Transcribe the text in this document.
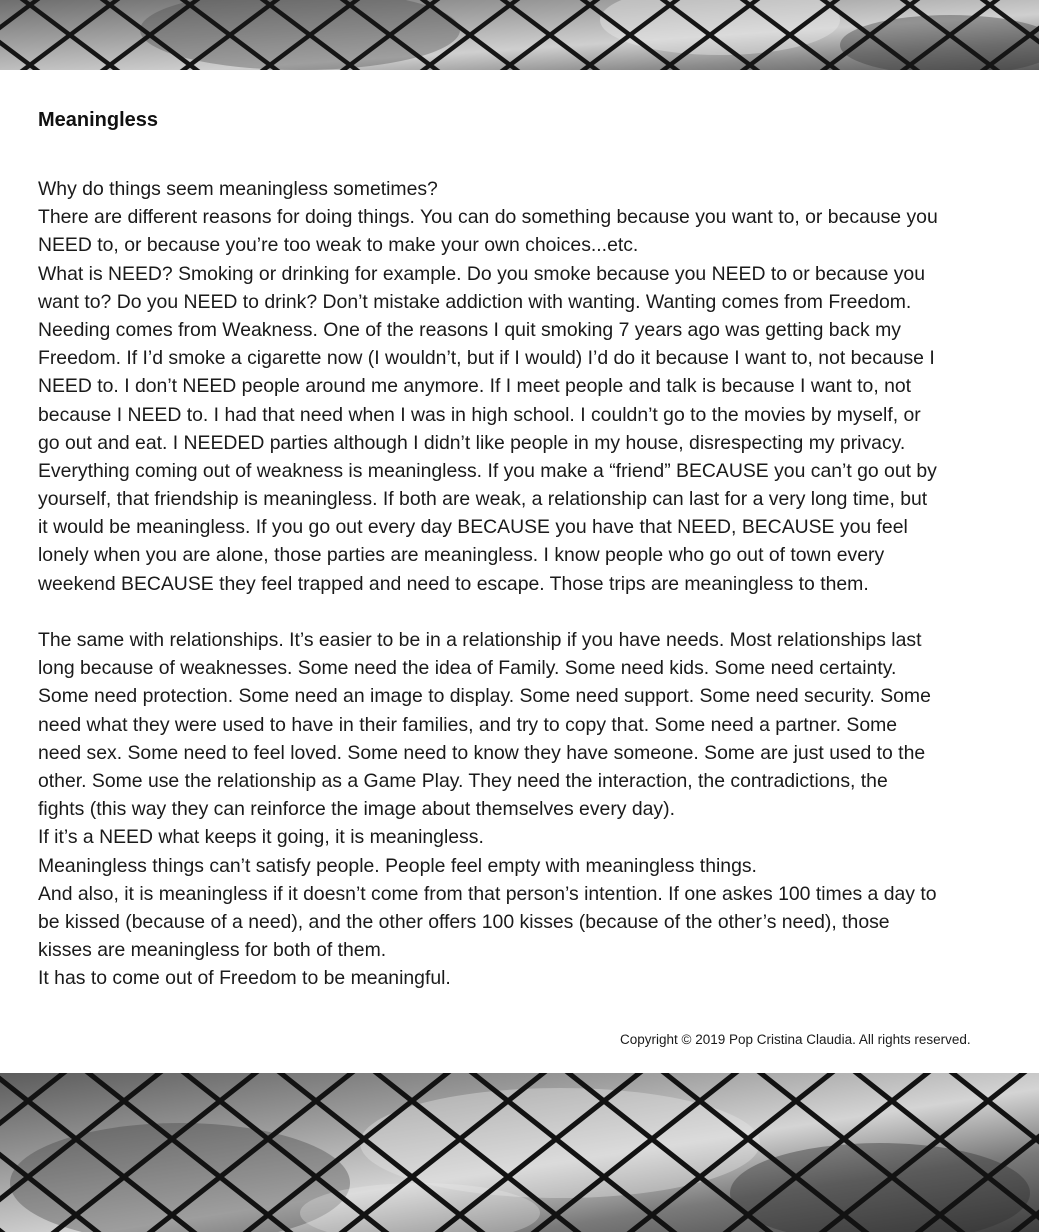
Meaningless
Why do things seem meaningless sometimes?
There are different reasons for doing things. You can do something because you want to, or because you
NEED to, or because you’re too weak to make your own choices...etc.
What is NEED? Smoking or drinking for example. Do you smoke because you NEED to or because you
want to? Do you NEED to drink? Don’t mistake addiction with wanting. Wanting comes from Freedom.
Needing comes from Weakness. One of the reasons I quit smoking 7 years ago was getting back my
Freedom. If I’d smoke a cigarette now (I wouldn’t, but if I would) I’d do it because I want to, not because I
NEED to. I don’t NEED people around me anymore. If I meet people and talk is because I want to, not
because I NEED to. I had that need when I was in high school. I couldn’t go to the movies by myself, or
go out and eat. I NEEDED parties although I didn’t like people in my house, disrespecting my privacy.
Everything coming out of weakness is meaningless. If you make a “friend” BECAUSE you can’t go out by
yourself, that friendship is meaningless. If both are weak, a relationship can last for a very long time, but
it would be meaningless. If you go out every day BECAUSE you have that NEED, BECAUSE you feel
lonely when you are alone, those parties are meaningless. I know people who go out of town every
weekend BECAUSE they feel trapped and need to escape. Those trips are meaningless to them.
The same with relationships. It’s easier to be in a relationship if you have needs. Most relationships last
long because of weaknesses. Some need the idea of Family. Some need kids. Some need certainty.
Some need protection. Some need an image to display. Some need support. Some need security. Some
need what they were used to have in their families, and try to copy that. Some need a partner. Some
need sex. Some need to feel loved. Some need to know they have someone. Some are just used to the
other. Some use the relationship as a Game Play. They need the interaction, the contradictions, the
fights (this way they can reinforce the image about themselves every day).
If it’s a NEED what keeps it going, it is meaningless.
Meaningless things can’t satisfy people. People feel empty with meaningless things.
And also, it is meaningless if it doesn’t come from that person’s intention. If one askes 100 times a day to
be kissed (because of a need), and the other offers 100 kisses (because of the other’s need), those
kisses are meaningless for both of them.
It has to come out of Freedom to be meaningful.
Copyright © 2019 Pop Cristina Claudia. All rights reserved.
